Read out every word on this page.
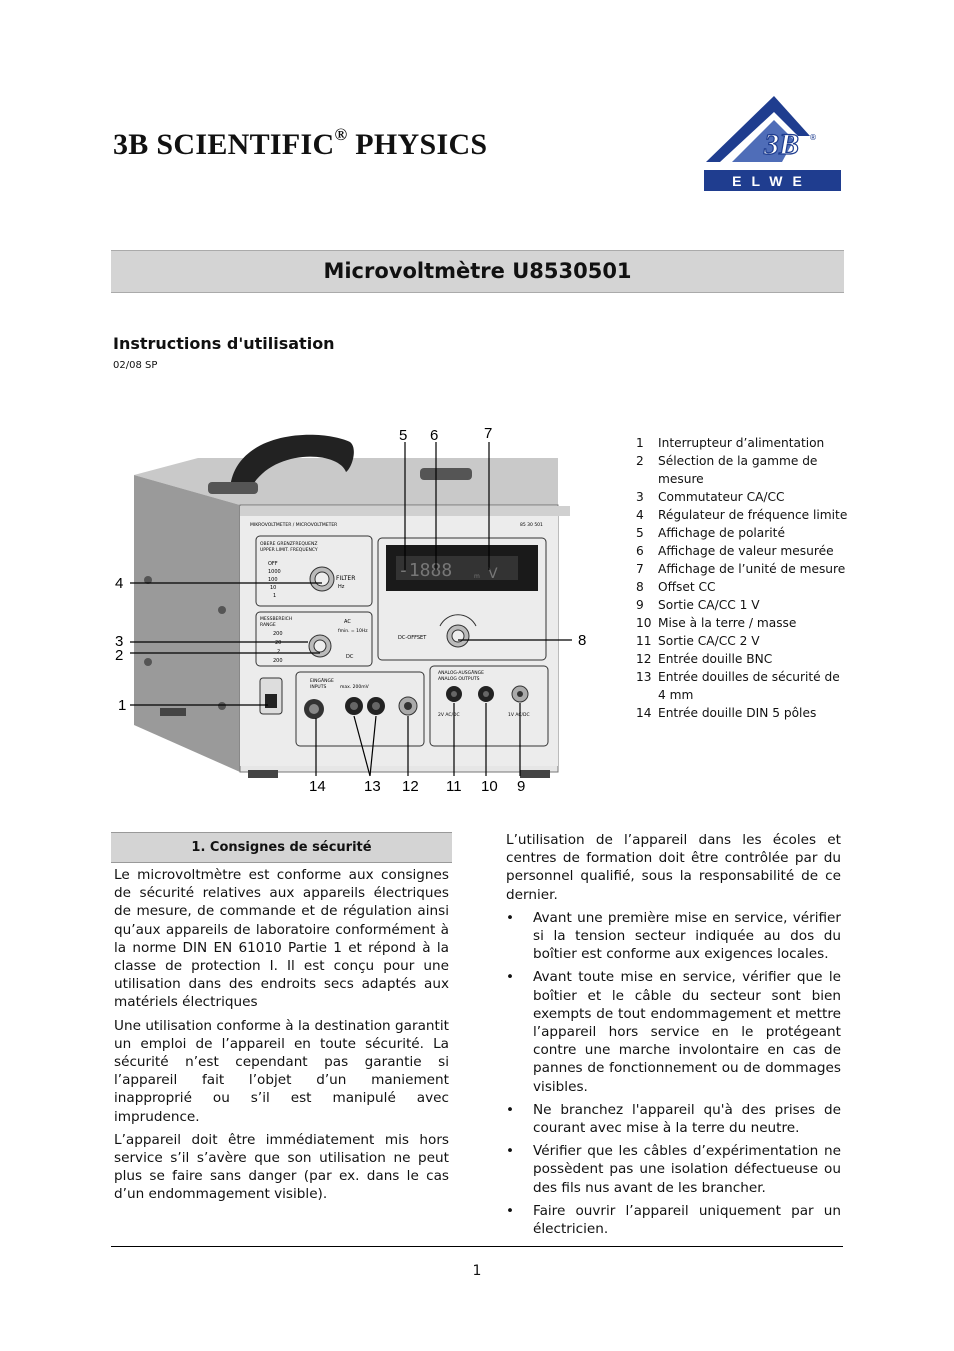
3B SCIENTIFIC® PHYSICS	3B ®
ELWE
Microvoltmètre U8530501
Instructions d'utilisation
02/08 SP
MIKROVOLTMETER / MICROVOLTMETER	85 30 501
OBERE GRENZFREQUENZ
UPPER LIMIT. FREQUENCY
OFF
1000
100
10
1
FILTER
Hz
MESSBEREICH
RANGE
200
20
2
200
AC
fmin. = 10Hz
DC
-1888	m V
DC-OFFSET
EINGÄNGE
INPUTS	max. 200mV
ANALOG-AUSGÄNGE
ANALOG OUTPUTS
2V AC/DC	1V AC/DC
5 6	7
4
3
2
1
8
14	13 12 11 10 9
1	Interrupteur d’alimentation
2	Sélection de la gamme de mesure
3	Commutateur CA/CC
4	Régulateur de fréquence limite
5	Affichage de polarité
6	Affichage de valeur mesurée
7	Affichage de l’unité de mesure
8	Offset CC
9	Sortie CA/CC 1 V
10 Mise à la terre / masse
11 Sortie CA/CC 2 V
12 Entrée douille BNC
13 Entrée douilles de sécurité de 4 mm
14 Entrée douille DIN 5 pôles
1. Consignes de sécurité

Le microvoltmètre est conforme aux consignes de sécurité relatives aux appareils électriques de mesure, de commande et de régulation ainsi qu’aux appareils de laboratoire conformément à la norme DIN EN 61010 Partie 1 et répond à la classe de protection I. Il est conçu pour une utilisation dans des endroits secs adaptés aux matériels électriques

Une utilisation conforme à la destination garantit un emploi de l’appareil en toute sécurité. La sécurité n’est cependant pas garantie si l’appareil fait l’objet d’un maniement inapproprié ou s’il est manipulé avec imprudence.

L’appareil doit être immédiatement mis hors service s’il s’avère que son utilisation ne peut plus se faire sans danger (par ex. dans le cas d’un endommagement visible).

L’utilisation de l’appareil dans les écoles et centres de formation doit être contrôlée par du personnel qualifié, sous la responsabilité de ce dernier.

• Avant une première mise en service, vérifier si la tension secteur indiquée au dos du boîtier est conforme aux exigences locales.
• Avant toute mise en service, vérifier que le boîtier et le câble du secteur sont bien exempts de tout endommagement et mettre l’appareil hors service en le protégeant contre une marche involontaire en cas de pannes de fonctionnement ou de dommages visibles.
• Ne branchez l'appareil qu'à des prises de courant avec mise à la terre du neutre.
• Vérifier que les câbles d’expérimentation ne possèdent pas une isolation défectueuse ou des fils nus avant de les brancher.
• Faire ouvrir l’appareil uniquement par un électricien.
1
